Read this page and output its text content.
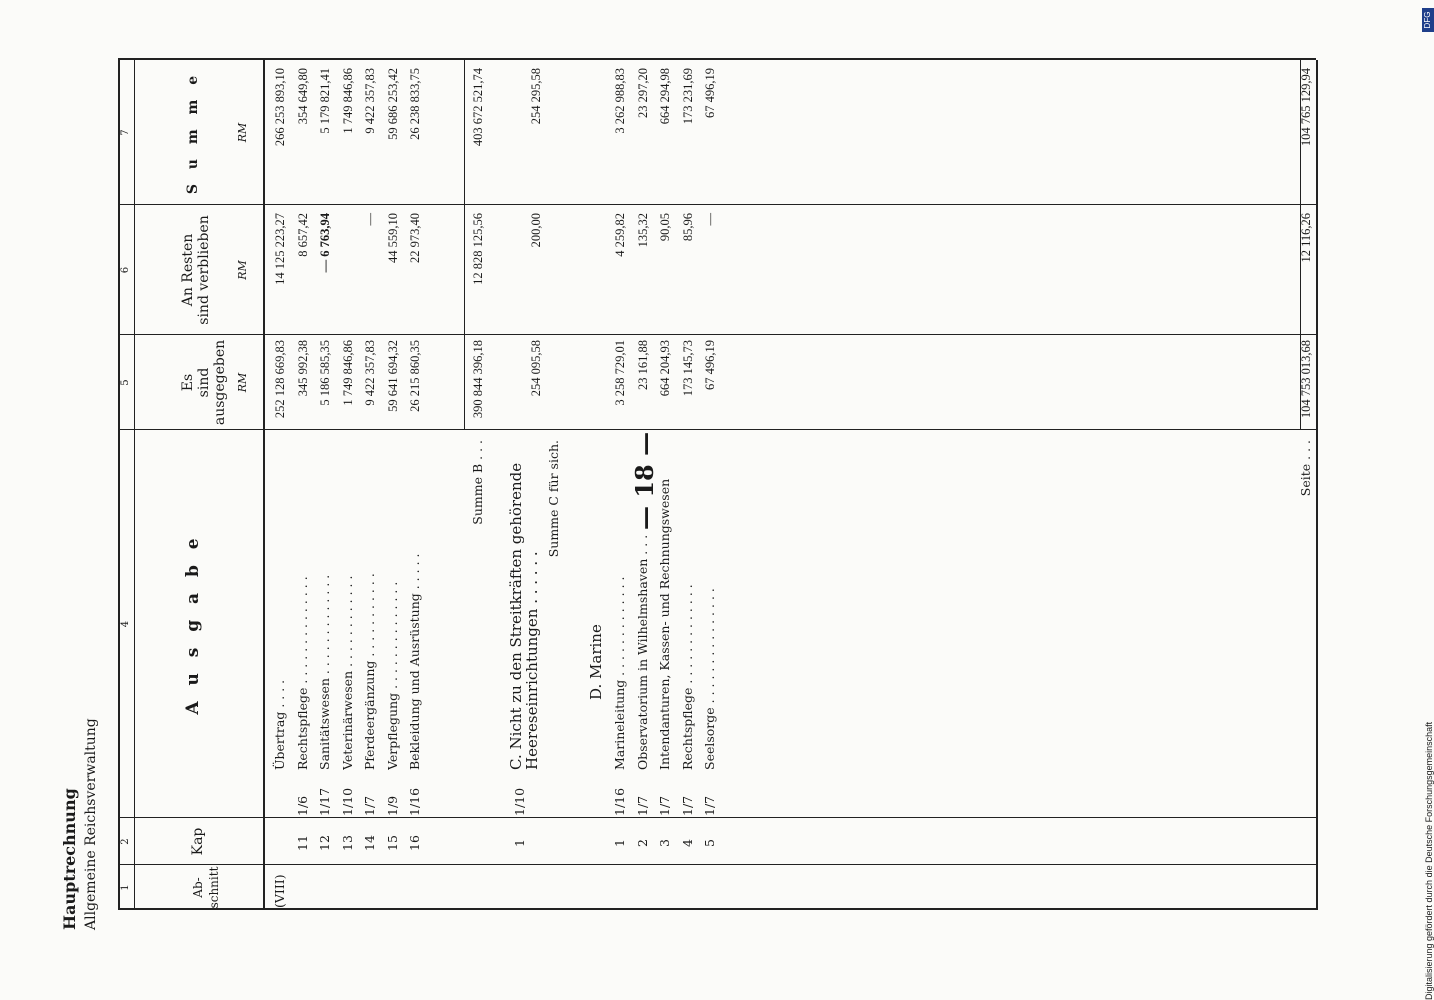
Hauptrechnung Allgemeine Reichsverwaltung
— 18 —
1
2
4
5
6
7
Ab-
schnitt
Kap
A u s g a b e
Es
sind ausgegeben
An Resten
sind verblieben
S u m m e
RM
RM
RM
(VIII)
Übertrag . . . .
252 128 669,83
14 125 223,27
266 253 893,10
11
1/6
Rechtspflege . . . . . . . . . . . . . .
345 992,38
8 657,42
354 649,80
12
1/17
Sanitätswesen . . . . . . . . . . . . .
5 186 585,35
— 6 763,94
5 179 821,41
13
1/10
Veterinärwesen . . . . . . . . . . . .
1 749 846,86
1 749 846,86
14
1/7
Pferdeergänzung . . . . . . . . . . .
9 422 357,83
—
9 422 357,83
15
1/9
Verpflegung . . . . . . . . . . . . . .
59 641 694,32
44 559,10
59 686 253,42
16
1/16
Bekleidung und Ausrüstung . . . . .
26 215 860,35
22 973,40
26 238 833,75
Summe B . . .
390 844 396,18
12 828 125,56
403 672 521,74
1
1/10
C. Nicht zu den Streitkräften gehörende Heereseinrichtungen . . . . . .
254 095,58
200,00
254 295,58
Summe C für sich.
D. Marine
1
1/16
Marineleitung . . . . . . . . . . . . .
3 258 729,01
4 259,82
3 262 988,83
2
1/7
Observatorium in Wilhelmshaven . . .
23 161,88
135,32
23 297,20
3
1/7
Intendanturen, Kassen- und Rechnungswesen
664 204,93
90,05
664 294,98
4
1/7
Rechtspflege . . . . . . . . . . . . .
173 145,73
85,96
173 231,69
5
1/7
Seelsorge . . . . . . . . . . . . . . .
67 496,19
—
67 496,19
Seite . . .
104 753 013,68
12 116,26
104 765 129,94
Digitalisierung gefördert durch die Deutsche Forschungsgemeinschaft
DFG
